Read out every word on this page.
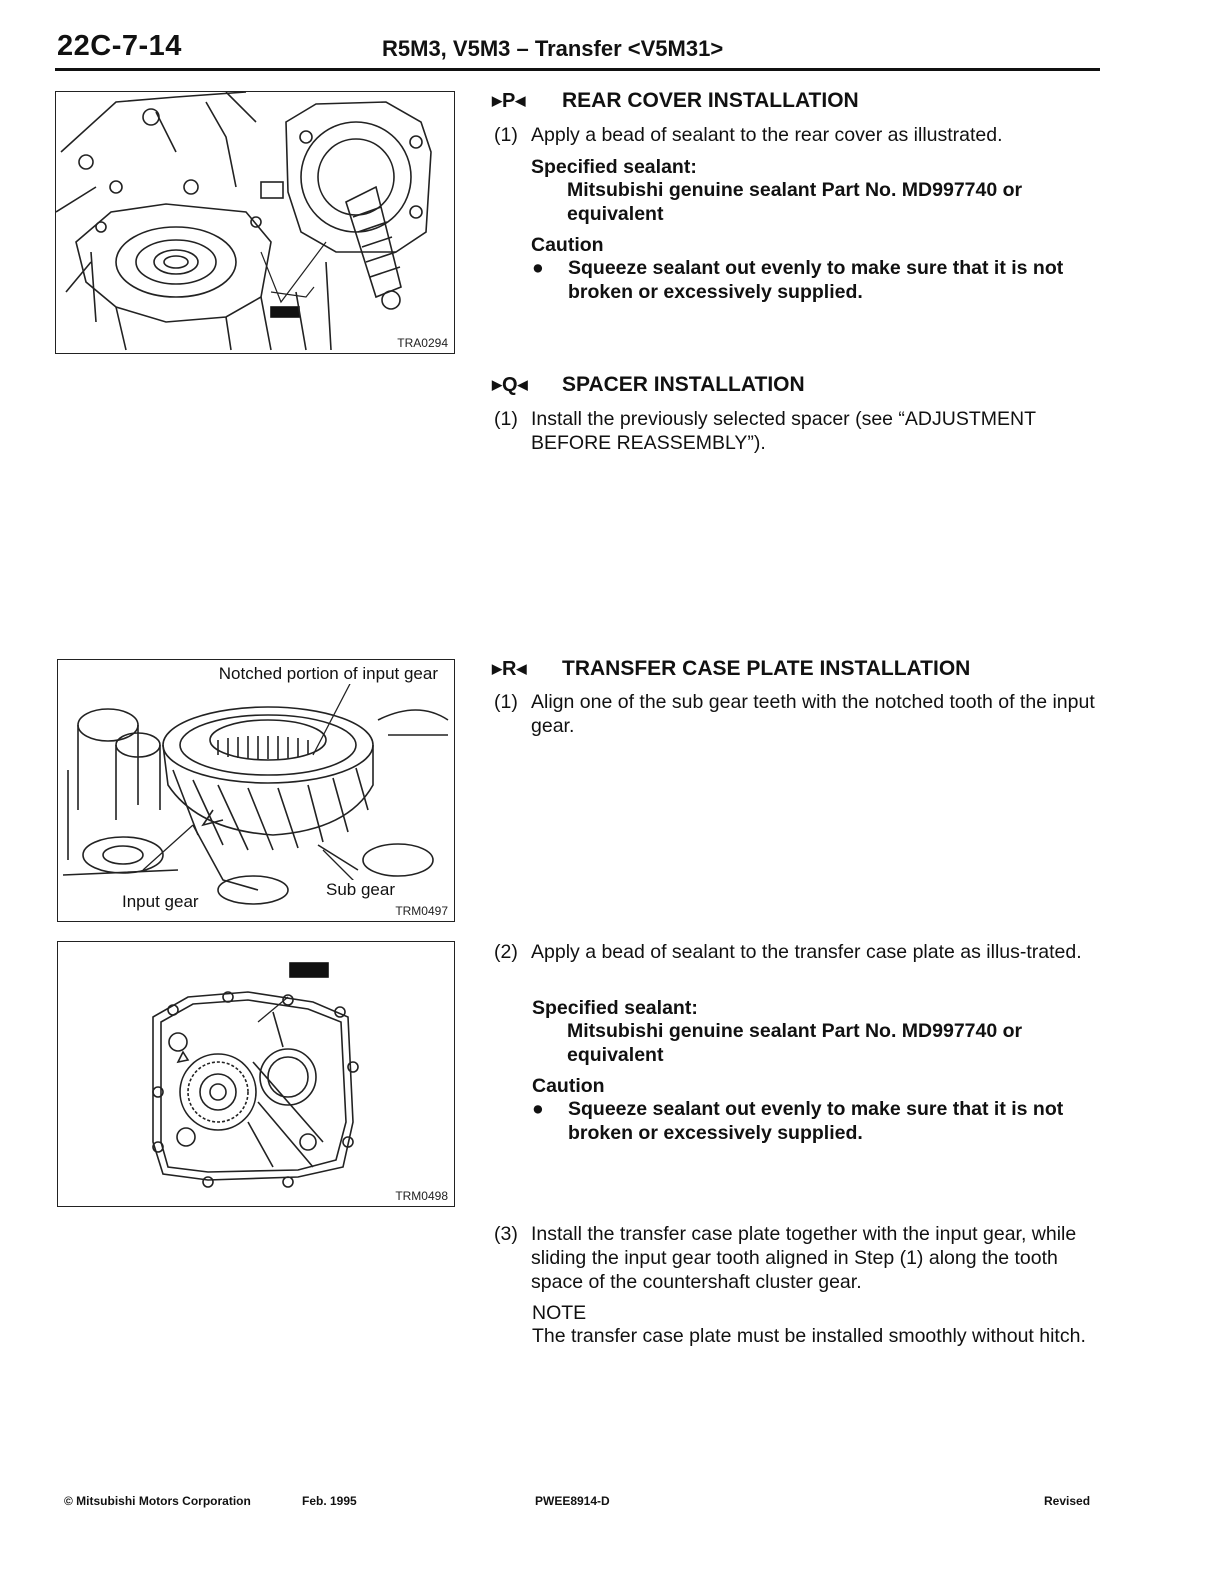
22C-7-14	R5M3, V5M3 – Transfer <V5M31>
TRA0294
Notched portion of input gear
Input gear
Sub gear
TRM0497
TRM0498
▶ P ◀ REAR COVER INSTALLATION
(1) Apply a bead of sealant to the rear cover as illustrated.
Specified sealant:
Mitsubishi genuine sealant Part No. MD997740 or
equivalent
Caution
●	Squeeze sealant out evenly to make sure that it is not broken or excessively supplied.
▶ Q ◀ SPACER INSTALLATION
(1) Install the previously selected spacer (see “ADJUSTMENT BEFORE REASSEMBLY”).
▶ R ◀ TRANSFER CASE PLATE INSTALLATION
(1) Align one of the sub gear teeth with the notched tooth of the input gear.
(2) Apply a bead of sealant to the transfer case plate as illus-trated.
Specified sealant:
Mitsubishi genuine sealant Part No. MD997740 or
equivalent
Caution
●	Squeeze sealant out evenly to make sure that it is not broken or excessively supplied.
(3) Install the transfer case plate together with the input gear, while sliding the input gear tooth aligned in Step (1) along the tooth space of the countershaft cluster gear.
NOTE
The transfer case plate must be installed smoothly without hitch.
© Mitsubishi Motors Corporation	Feb. 1995	PWEE8914-D	Revised
